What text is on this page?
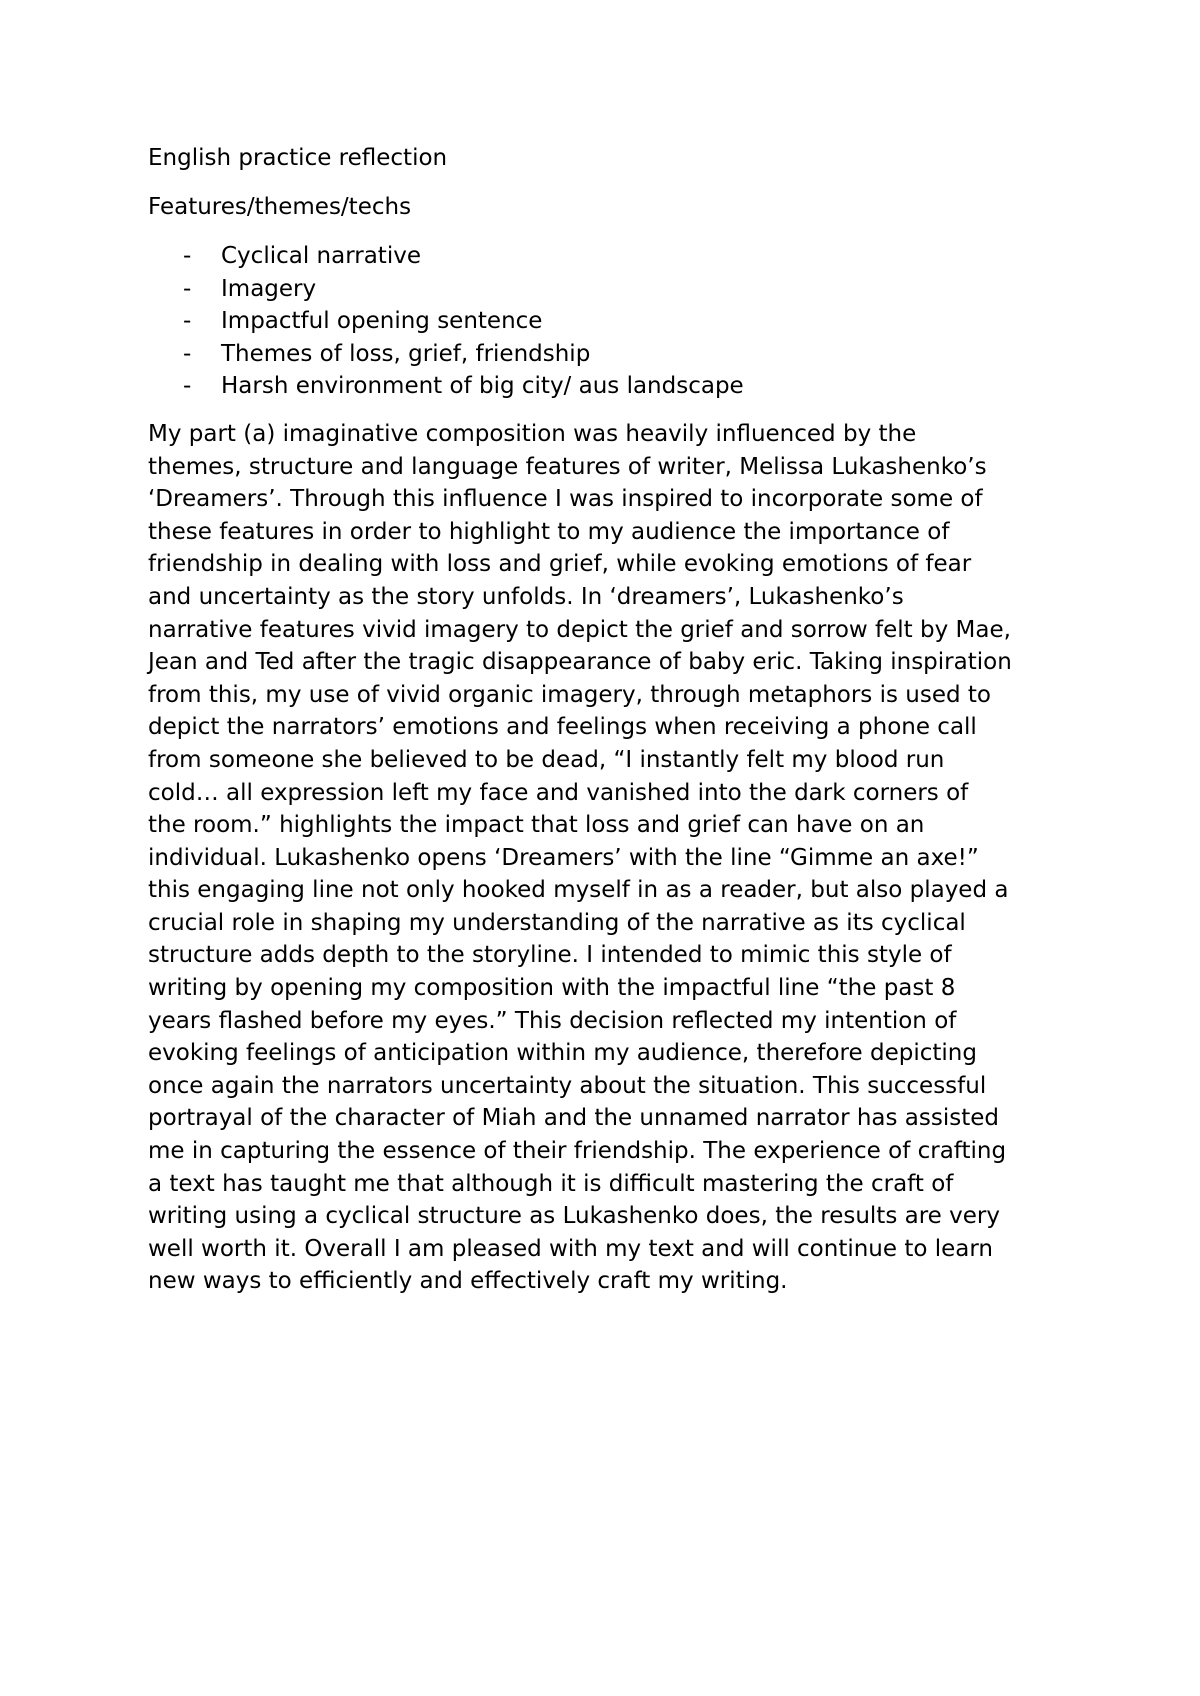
English practice reflection

Features/themes/techs

- Cyclical narrative
- Imagery
- Impactful opening sentence
- Themes of loss, grief, friendship
- Harsh environment of big city/ aus landscape
My part (a) imaginative composition was heavily influenced by the
themes, structure and language features of writer, Melissa Lukashenko’s
‘Dreamers’. Through this influence I was inspired to incorporate some of
these features in order to highlight to my audience the importance of
friendship in dealing with loss and grief, while evoking emotions of fear
and uncertainty as the story unfolds. In ‘dreamers’, Lukashenko’s
narrative features vivid imagery to depict the grief and sorrow felt by Mae,
Jean and Ted after the tragic disappearance of baby eric. Taking inspiration
from this, my use of vivid organic imagery, through metaphors is used to
depict the narrators’ emotions and feelings when receiving a phone call
from someone she believed to be dead, “I instantly felt my blood run
cold… all expression left my face and vanished into the dark corners of
the room.” highlights the impact that loss and grief can have on an
individual. Lukashenko opens ‘Dreamers’ with the line “Gimme an axe!”
this engaging line not only hooked myself in as a reader, but also played a
crucial role in shaping my understanding of the narrative as its cyclical
structure adds depth to the storyline. I intended to mimic this style of
writing by opening my composition with the impactful line “the past 8
years flashed before my eyes.” This decision reflected my intention of
evoking feelings of anticipation within my audience, therefore depicting
once again the narrators uncertainty about the situation. This successful
portrayal of the character of Miah and the unnamed narrator has assisted
me in capturing the essence of their friendship. The experience of crafting
a text has taught me that although it is difficult mastering the craft of
writing using a cyclical structure as Lukashenko does, the results are very
well worth it. Overall I am pleased with my text and will continue to learn
new ways to efficiently and effectively craft my writing.
